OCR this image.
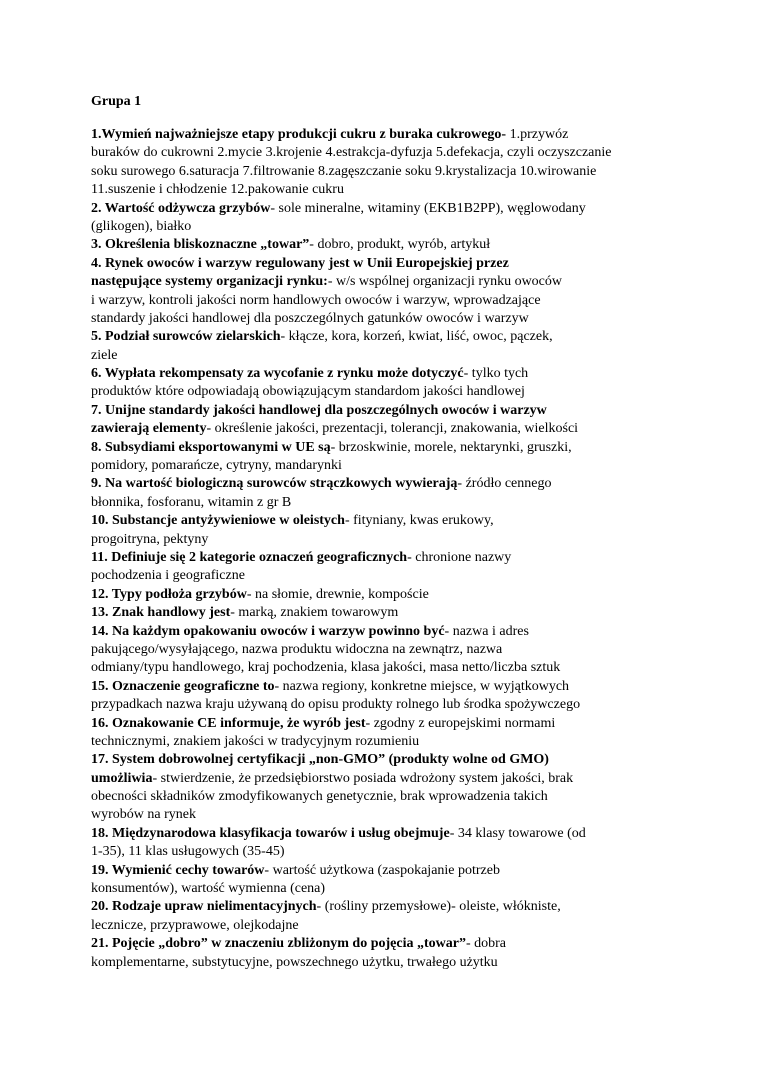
Grupa 1
1.Wymień najważniejsze etapy produkcji cukru z buraka cukrowego- 1.przywóz
buraków do cukrowni 2.mycie 3.krojenie 4.estrakcja-dyfuzja 5.defekacja, czyli oczyszczanie
soku surowego 6.saturacja 7.filtrowanie 8.zagęszczanie soku 9.krystalizacja 10.wirowanie
11.suszenie i chłodzenie 12.pakowanie cukru
2. Wartość odżywcza grzybów- sole mineralne, witaminy (EKB1B2PP), węglowodany
(glikogen), białko
3. Określenia bliskoznaczne „towar”- dobro, produkt, wyrób, artykuł
4. Rynek owoców i warzyw regulowany jest w Unii Europejskiej przez
następujące systemy organizacji rynku:- w/s wspólnej organizacji rynku owoców
i warzyw, kontroli jakości norm handlowych owoców i warzyw, wprowadzające
standardy jakości handlowej dla poszczególnych gatunków owoców i warzyw
5. Podział surowców zielarskich- kłącze, kora, korzeń, kwiat, liść, owoc, pączek,
ziele
6. Wypłata rekompensaty za wycofanie z rynku może dotyczyć- tylko tych
produktów które odpowiadają obowiązującym standardom jakości handlowej
7. Unijne standardy jakości handlowej dla poszczególnych owoców i warzyw
zawierają elementy- określenie jakości, prezentacji, tolerancji, znakowania, wielkości
8. Subsydiami eksportowanymi w UE są- brzoskwinie, morele, nektarynki, gruszki,
pomidory, pomarańcze, cytryny, mandarynki
9. Na wartość biologiczną surowców strączkowych wywierają- źródło cennego
błonnika, fosforanu, witamin z gr B
10. Substancje antyżywieniowe w oleistych- fityniany, kwas erukowy,
progoitryna, pektyny
11. Definiuje się 2 kategorie oznaczeń geograficznych- chronione nazwy
pochodzenia i geograficzne
12. Typy podłoża grzybów- na słomie, drewnie, kompoście
13. Znak handlowy jest- marką, znakiem towarowym
14. Na każdym opakowaniu owoców i warzyw powinno być- nazwa i adres
pakującego/wysyłającego, nazwa produktu widoczna na zewnątrz, nazwa
odmiany/typu handlowego, kraj pochodzenia, klasa jakości, masa netto/liczba sztuk
15. Oznaczenie geograficzne to- nazwa regiony, konkretne miejsce, w wyjątkowych
przypadkach nazwa kraju używaną do opisu produkty rolnego lub środka spożywczego
16. Oznakowanie CE informuje, że wyrób jest- zgodny z europejskimi normami
technicznymi, znakiem jakości w tradycyjnym rozumieniu
17. System dobrowolnej certyfikacji „non-GMO” (produkty wolne od GMO)
umożliwia- stwierdzenie, że przedsiębiorstwo posiada wdrożony system jakości, brak
obecności składników zmodyfikowanych genetycznie, brak wprowadzenia takich
wyrobów na rynek
18. Międzynarodowa klasyfikacja towarów i usług obejmuje- 34 klasy towarowe (od
1-35), 11 klas usługowych (35-45)
19. Wymienić cechy towarów- wartość użytkowa (zaspokajanie potrzeb
konsumentów), wartość wymienna (cena)
20. Rodzaje upraw nielimentacyjnych- (rośliny przemysłowe)- oleiste, włókniste,
lecznicze, przyprawowe, olejkodajne
21. Pojęcie „dobro” w znaczeniu zbliżonym do pojęcia „towar”- dobra
komplementarne, substytucyjne, powszechnego użytku, trwałego użytku
